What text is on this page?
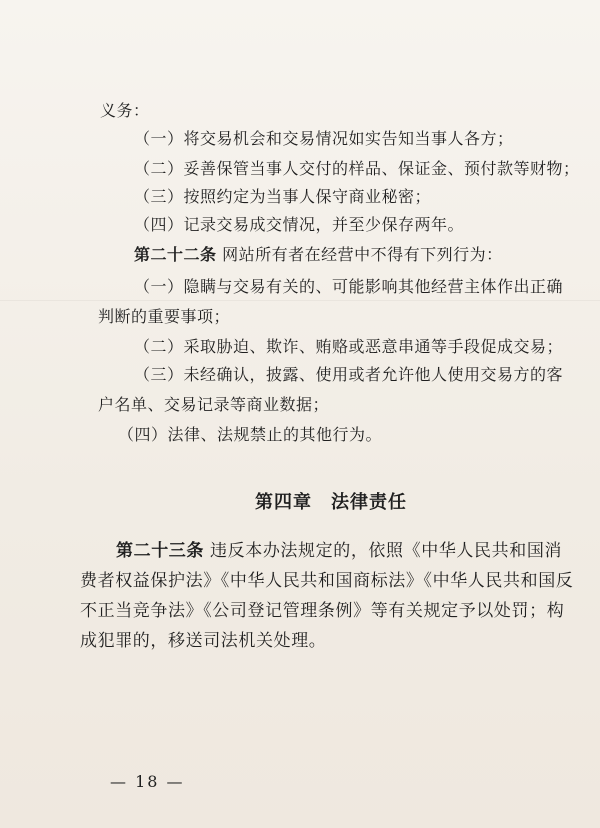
义务：
（一）将交易机会和交易情况如实告知当事人各方；
（二）妥善保管当事人交付的样品、保证金、预付款等财物；
（三）按照约定为当事人保守商业秘密；
（四）记录交易成交情况，并至少保存两年。
第二十二条 网站所有者在经营中不得有下列行为：
（一）隐瞒与交易有关的、可能影响其他经营主体作出正确
判断的重要事项；
（二）采取胁迫、欺诈、贿赂或恶意串通等手段促成交易；
（三）未经确认，披露、使用或者允许他人使用交易方的客
户名单、交易记录等商业数据；
（四）法律、法规禁止的其他行为。
第四章　法律责任
第二十三条 违反本办法规定的，依照《中华人民共和国消
费者权益保护法》《中华人民共和国商标法》《中华人民共和国反
不正当竞争法》《公司登记管理条例》等有关规定予以处罚；构
成犯罪的，移送司法机关处理。
— 18 —
